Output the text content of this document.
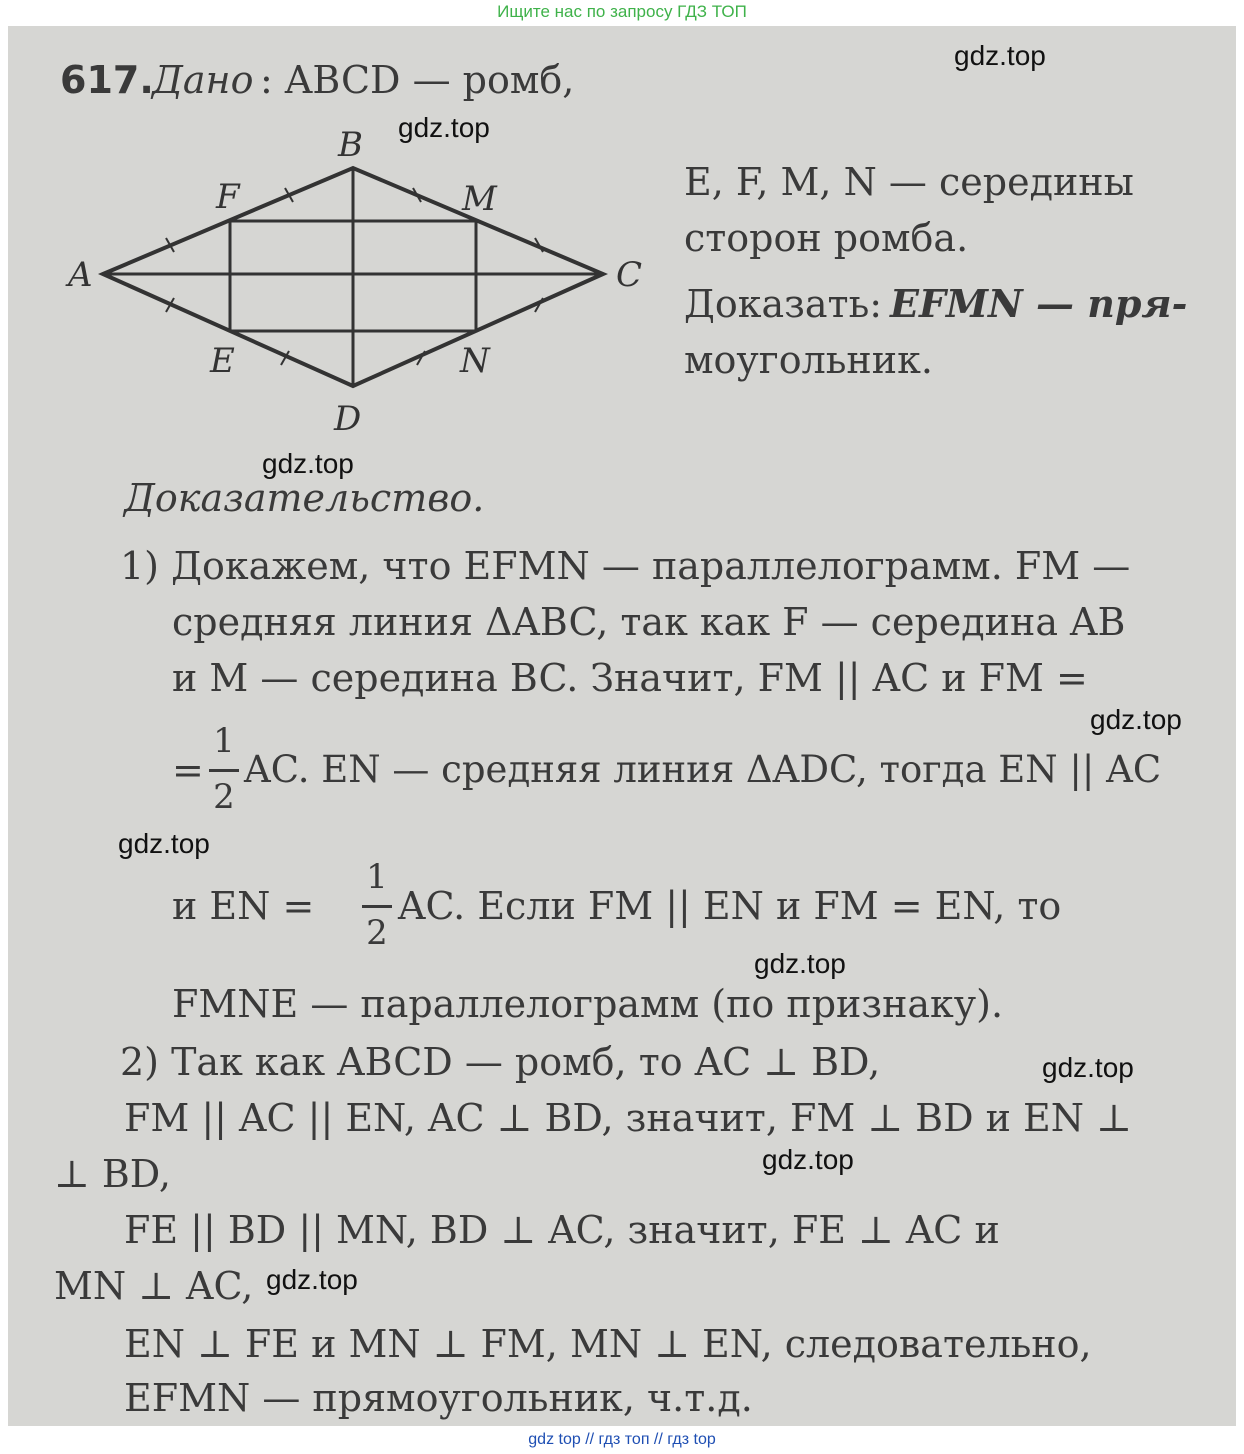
Ищите нас по запросу ГДЗ ТОП
617.
Дано : ABCD — ромб,
E, F, M, N — середины
сторон ромба.
Доказать: EFMN — пря-
моугольник.
A
B
C
D
E
F	M
N
Доказательство.
1) Докажем, что EFMN — параллелограмм. FM —
средняя линия ΔABC, так как F — середина AB
и M — середина BC. Значит, FM || AC и FM =
=
1
2
AC. EN — средняя линия ΔADC, тогда EN || AC
и EN =
1
2
AC. Если FM || EN и FM = EN, то
FMNE — параллелограмм (по признаку).
2) Так как ABCD — ромб, то AC ⊥ BD,
FM || AC || EN, AC ⊥ BD, значит, FM ⊥ BD и EN ⊥
⊥ BD,
FE || BD || MN, BD ⊥ AC, значит, FE ⊥ AC и
MN ⊥ AC,
EN ⊥ FE и MN ⊥ FM, MN ⊥ EN, следовательно,
EFMN — прямоугольник, ч.т.д.
gdz.top
gdz.top
gdz.top
gdz.top
gdz.top
gdz.top
gdz.top
gdz.top
gdz.top
gdz top // гдз топ // гдз top
